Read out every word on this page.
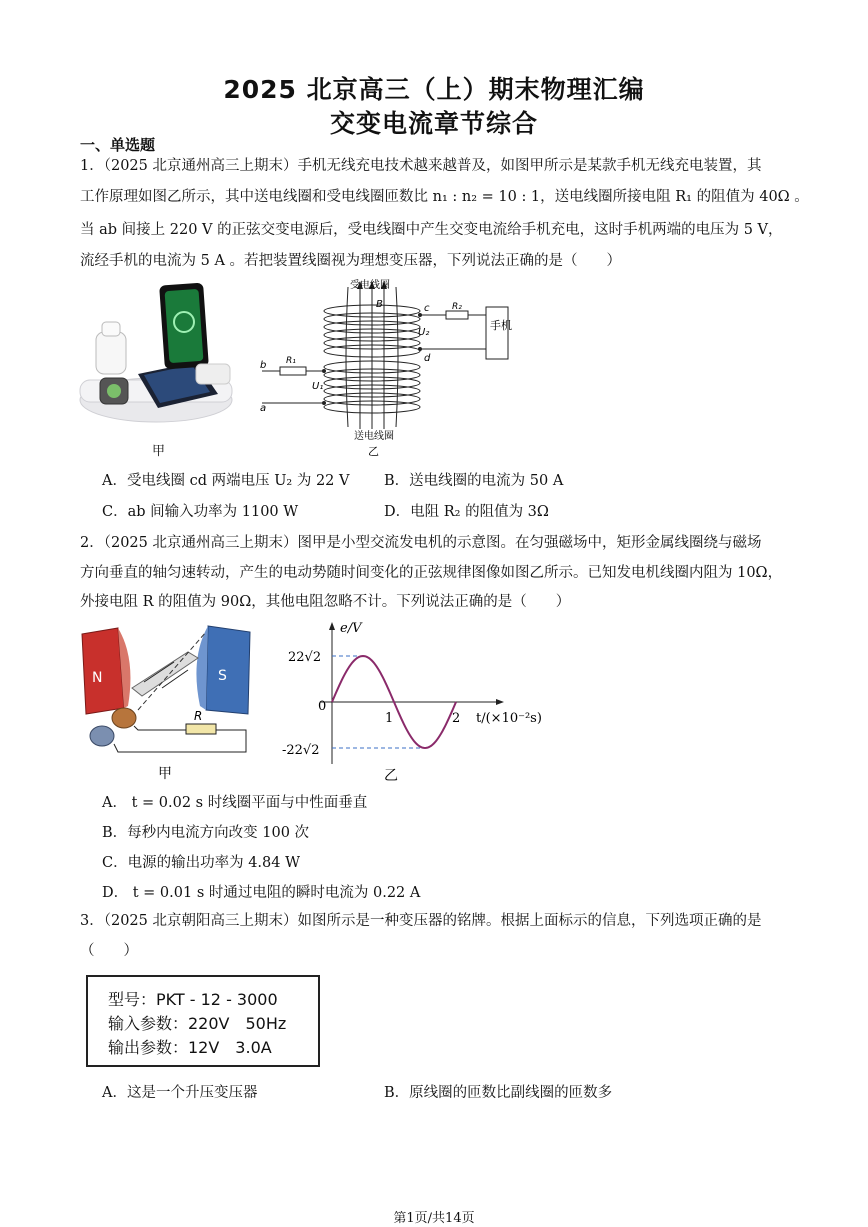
2025 北京高三（上）期末物理汇编
交变电流章节综合
一、单选题
1．（2025 北京通州高三上期末）手机无线充电技术越来越普及，如图甲所示是某款手机无线充电装置，其
工作原理如图乙所示，其中送电线圈和受电线圈匝数比 n₁ : n₂ = 10 : 1，送电线圈所接电阻 R₁ 的阻值为 40Ω 。
当 ab 间接上 220 V 的正弦交变电源后，受电线圈中产生交变电流给手机充电，这时手机两端的电压为 5 V，
流经手机的电流为 5 A 。若把装置线圈视为理想变压器，下列说法正确的是（　　）
甲
受电线圈
B	c
d
U₂
R₂
手机
R₁
b
a
U₁
送电线圈
乙
A．受电线圈 cd 两端电压 U₂ 为 22 V B．送电线圈的电流为 50 A
C．ab 间输入功率为 1100 W	D．电阻 R₂ 的阻值为 3Ω
2．（2025 北京通州高三上期末）图甲是小型交流发电机的示意图。在匀强磁场中，矩形金属线圈绕与磁场
方向垂直的轴匀速转动，产生的电动势随时间变化的正弦规律图像如图乙所示。已知发电机线圈内阻为 10Ω，
外接电阻 R 的阻值为 90Ω，其他电阻忽略不计。下列说法正确的是（　　）
N	S
R
甲
e/V
t/(×10⁻²s)
22√2
0
-22√2
1	2
乙
A． t = 0.02 s 时线圈平面与中性面垂直
B．每秒内电流方向改变 100 次
C．电源的输出功率为 4.84 W
D． t = 0.01 s 时通过电阻的瞬时电流为 0.22 A
3．（2025 北京朝阳高三上期末）如图所示是一种变压器的铭牌。根据上面标示的信息，下列选项正确的是
（　　）
型号：PKT - 12 - 3000
输入参数：220V　50Hz
输出参数：12V　3.0A
A．这是一个升压变压器	B．原线圈的匝数比副线圈的匝数多
第1页/共14页
